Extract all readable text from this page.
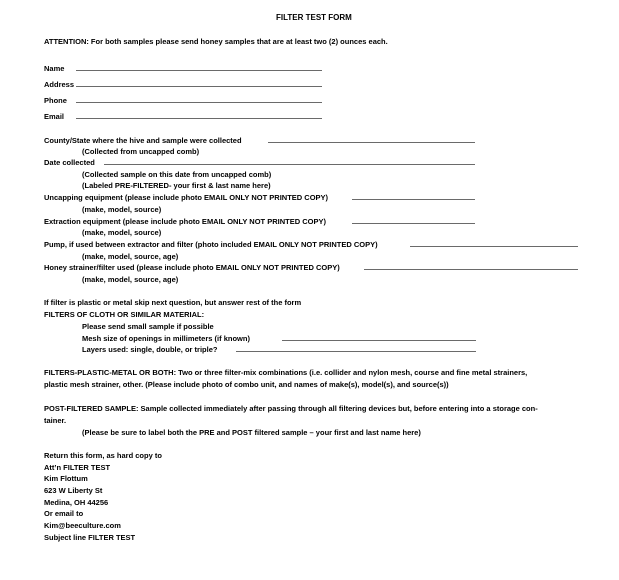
FILTER TEST FORM
ATTENTION: For both samples please send honey samples that are at least two (2) ounces each.
Name
Address
Phone
Email
County/State where the hive and sample were collected
(Collected from uncapped comb)
Date collected
(Collected sample on this date from uncapped comb)
(Labeled PRE-FILTERED- your first & last name here)
Uncapping equipment (please include photo EMAIL ONLY NOT PRINTED COPY)
(make, model, source)
Extraction equipment (please include photo EMAIL ONLY NOT PRINTED COPY)
(make, model, source)
Pump, if used between extractor and filter (photo included EMAIL ONLY NOT PRINTED COPY)
(make, model, source, age)
Honey strainer/filter used (please include photo EMAIL ONLY NOT PRINTED COPY)
(make, model, source, age)
If filter is plastic or metal skip next question, but answer rest of the form
FILTERS OF CLOTH OR SIMILAR MATERIAL:
Please send small sample if possible
Mesh size of openings in millimeters (if known)
Layers used: single, double, or triple?
FILTERS-PLASTIC-METAL OR BOTH: Two or three filter-mix combinations (i.e. collider and nylon mesh, course and fine metal strainers,
plastic mesh strainer, other. (Please include photo of combo unit, and names of make(s), model(s), and source(s))
POST-FILTERED SAMPLE: Sample collected immediately after passing through all filtering devices but, before entering into a storage con-
tainer.
(Please be sure to label both the PRE and POST filtered sample – your first and last name here)
Return this form, as hard copy to
Att’n FILTER TEST
Kim Flottum
623 W Liberty St
Medina, OH 44256
Or email to
Kim@beeculture.com
Subject line FILTER TEST
